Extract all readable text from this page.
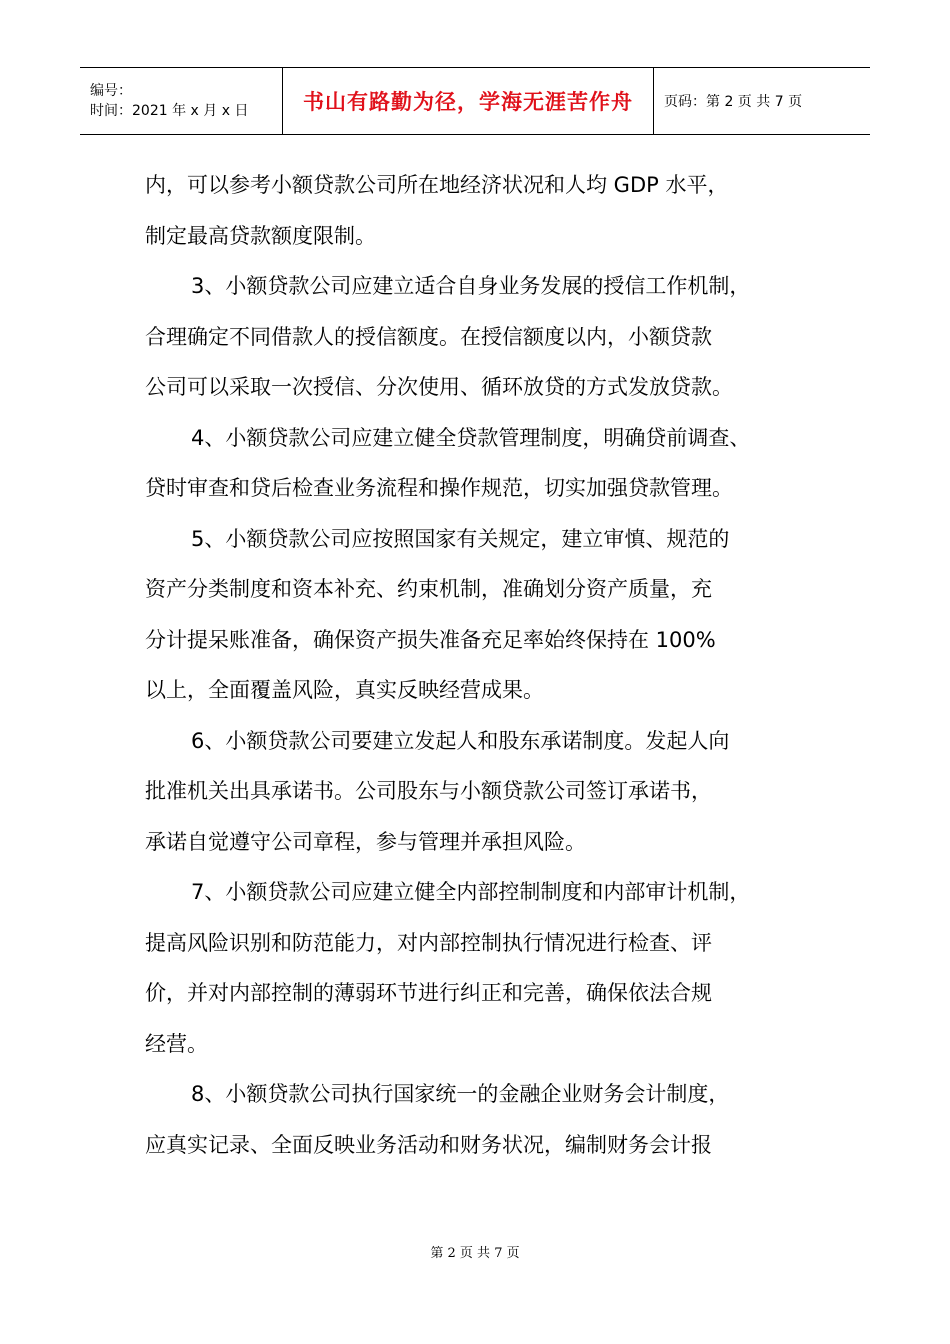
编号：
时间：2021 年 x 月 x 日	书山有路勤为径，学海无涯苦作舟 页码：第 2 页 共 7 页
内，可以参考小额贷款公司所在地经济状况和人均 GDP 水平，
制定最高贷款额度限制。
3、小额贷款公司应建立适合自身业务发展的授信工作机制，
合理确定不同借款人的授信额度。在授信额度以内，小额贷款
公司可以采取一次授信、分次使用、循环放贷的方式发放贷款。
4、小额贷款公司应建立健全贷款管理制度，明确贷前调查、
贷时审查和贷后检查业务流程和操作规范，切实加强贷款管理。
5、小额贷款公司应按照国家有关规定，建立审慎、规范的
资产分类制度和资本补充、约束机制，准确划分资产质量，充
分计提呆账准备，确保资产损失准备充足率始终保持在 100%
以上，全面覆盖风险，真实反映经营成果。
6、小额贷款公司要建立发起人和股东承诺制度。发起人向
批准机关出具承诺书。公司股东与小额贷款公司签订承诺书，
承诺自觉遵守公司章程，参与管理并承担风险。
7、小额贷款公司应建立健全内部控制制度和内部审计机制，
提高风险识别和防范能力，对内部控制执行情况进行检查、评
价，并对内部控制的薄弱环节进行纠正和完善，确保依法合规
经营。
8、小额贷款公司执行国家统一的金融企业财务会计制度，
应真实记录、全面反映业务活动和财务状况，编制财务会计报
第 2 页 共 7 页
